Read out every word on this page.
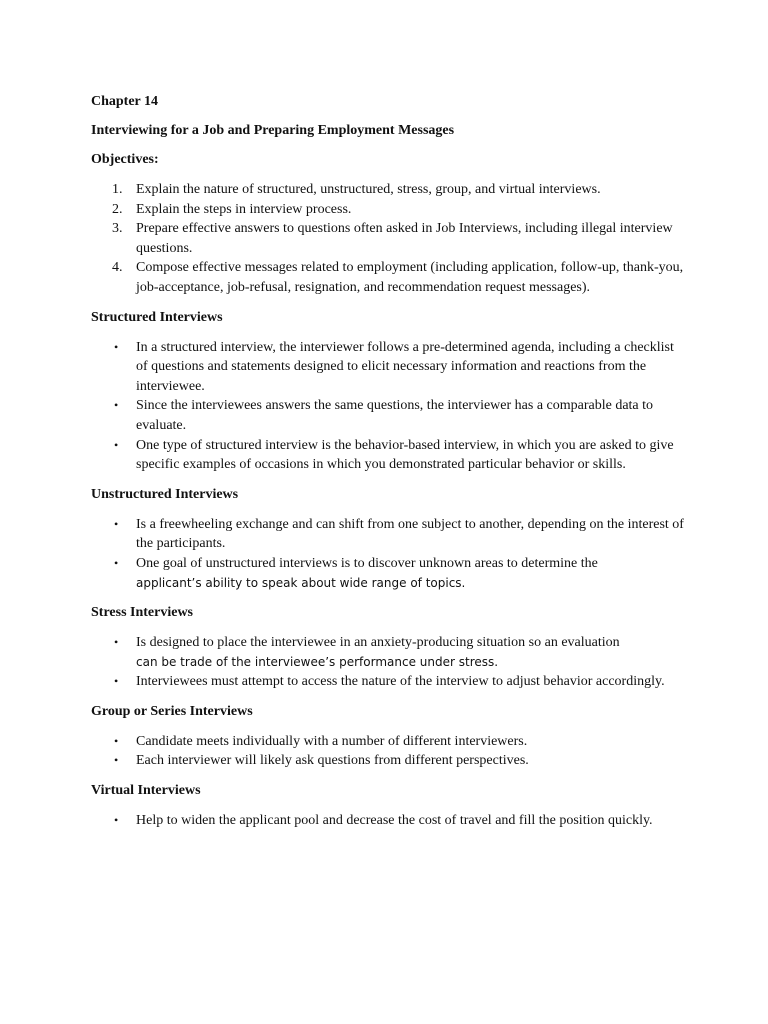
Chapter 14
Interviewing for a Job and Preparing Employment Messages
Objectives:
1. Explain the nature of structured, unstructured, stress, group, and virtual interviews.
2. Explain the steps in interview process.
3. Prepare effective answers to questions often asked in Job Interviews, including illegal interview questions.
4. Compose effective messages related to employment (including application, follow-up, thank-you, job-acceptance, job-refusal, resignation, and recommendation request messages).
Structured Interviews
• In a structured interview, the interviewer follows a pre-determined agenda, including a checklist of questions and statements designed to elicit necessary information and reactions from the interviewee.
• Since the interviewees answers the same questions, the interviewer has a comparable data to evaluate.
• One type of structured interview is the behavior-based interview, in which you are asked to give specific examples of occasions in which you demonstrated particular behavior or skills.
Unstructured Interviews
• Is a freewheeling exchange and can shift from one subject to another, depending on the interest of the participants.
• One goal of unstructured interviews is to discover unknown areas to determine the
applicant’s ability to speak about wide range of topics.
Stress Interviews
• Is designed to place the interviewee in an anxiety-producing situation so an evaluation
can be trade of the interviewee’s performance under stress.
• Interviewees must attempt to access the nature of the interview to adjust behavior accordingly.
Group or Series Interviews
• Candidate meets individually with a number of different interviewers.
• Each interviewer will likely ask questions from different perspectives.
Virtual Interviews
• Help to widen the applicant pool and decrease the cost of travel and fill the position quickly.
